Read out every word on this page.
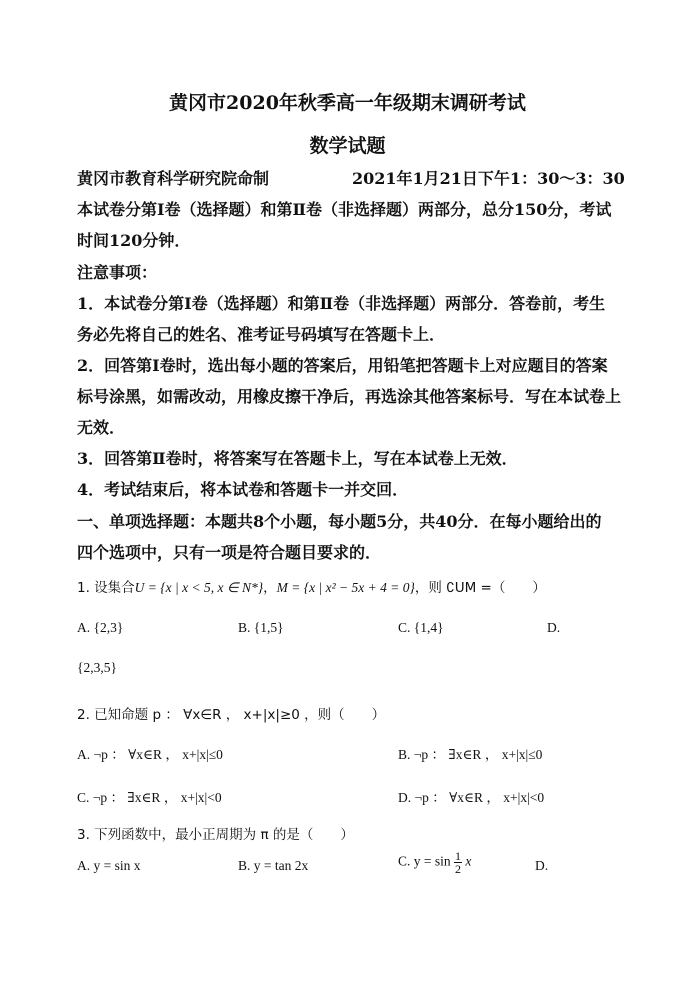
黄冈市2020年秋季高一年级期末调研考试
数学试题
黄冈市教育科学研究院命制	2021年1月21日下午1：30～3：30
本试卷分第Ⅰ卷（选择题）和第Ⅱ卷（非选择题）两部分，总分150分，考试
时间120分钟．
注意事项：
1．本试卷分第Ⅰ卷（选择题）和第Ⅱ卷（非选择题）两部分．答卷前，考生
务必先将自己的姓名、准考证号码填写在答题卡上．
2．回答第Ⅰ卷时，选出每小题的答案后，用铅笔把答题卡上对应题目的答案
标号涂黑，如需改动，用橡皮擦干净后，再选涂其他答案标号．写在本试卷上
无效．
3．回答第Ⅱ卷时，将答案写在答题卡上，写在本试卷上无效．
4．考试结束后，将本试卷和答题卡一并交回．
一、单项选择题：本题共8个小题，每小题5分，共40分．在每小题给出的
四个选项中，只有一项是符合题目要求的．
1. 设集合U = {x | x < 5, x ∈ N*}，M = {x | x² − 5x + 4 = 0}，则 ∁UM =（　　）
A. {2,3}	B. {1,5}	C. {1,4}	D.
{2,3,5}
2. 已知命题 p ： ∀x∈R ， x+|x|≥0 ，则（　　）
A. ¬p ： ∀x∈R ， x+|x|≤0	B. ¬p ： ∃x∈R ， x+|x|≤0
C. ¬p ： ∃x∈R ， x+|x|<0	D. ¬p ： ∀x∈R ， x+|x|<0
3. 下列函数中，最小正周期为 π 的是（　　）
A. y = sin x	B. y = tan 2x	C. $y = \sin \frac{1}{2}$ x	D.
